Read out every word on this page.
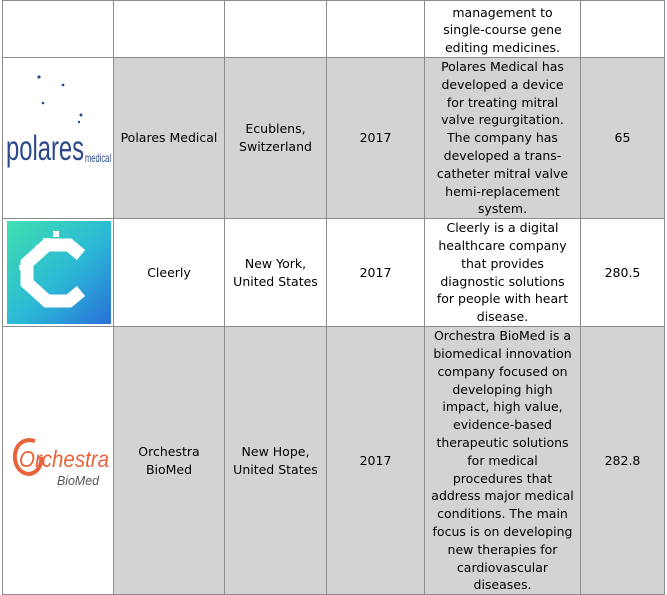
				management to single-course gene editing medicines.	

polares medical	Polares Medical	Ecublens, Switzerland	2017	Polares Medical has developed a device for treating mitral valve regurgitation. The company has developed a trans-catheter mitral valve hemi-replacement system.	65

	Cleerly	New York, United States	2017	Cleerly is a digital healthcare company that provides diagnostic solutions for people with heart disease.	280.5

Orchestra
BioMed	Orchestra BioMed	New Hope, United States	2017	Orchestra BioMed is a biomedical innovation company focused on developing high impact, high value, evidence-based therapeutic solutions for medical procedures that address major medical conditions. The main focus is on developing new therapies for cardiovascular diseases.	282.8
